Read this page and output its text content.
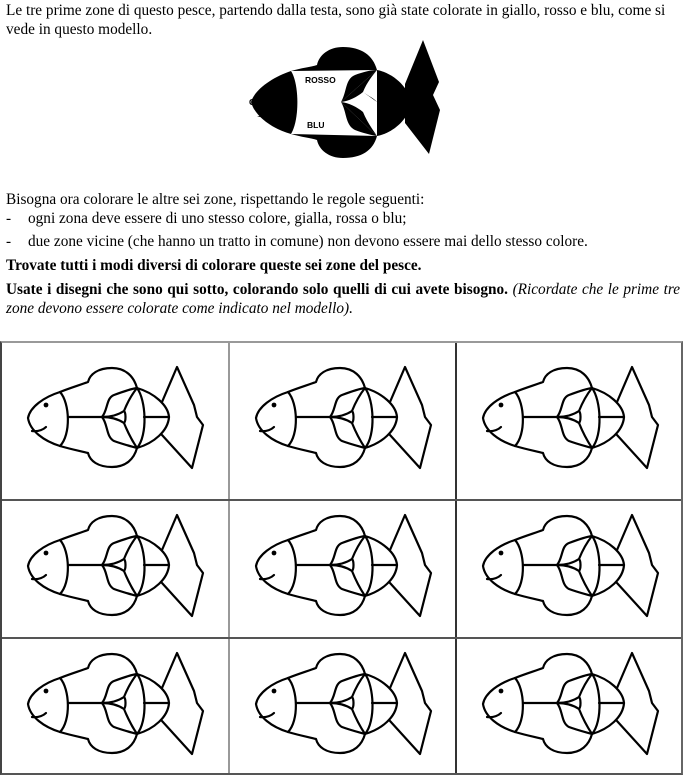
Le tre prime zone di questo pesce, partendo dalla testa, sono già state colorate in giallo, rosso e blu, come si vede in questo modello.

ROSSO
GIALLO
BLU

Bisogna ora colorare le altre sei zone, rispettando le regole seguenti:

- ogni zona deve essere di uno stesso colore, gialla, rossa o blu;
- due zone vicine (che hanno un tratto in comune) non devono essere mai dello stesso colore.

Trovate tutti i modi diversi di colorare queste sei zone del pesce.

Usate i disegni che sono qui sotto, colorando solo quelli di cui avete bisogno. (Ricordate che le prime tre zone devono essere colorate come indicato nel modello).
